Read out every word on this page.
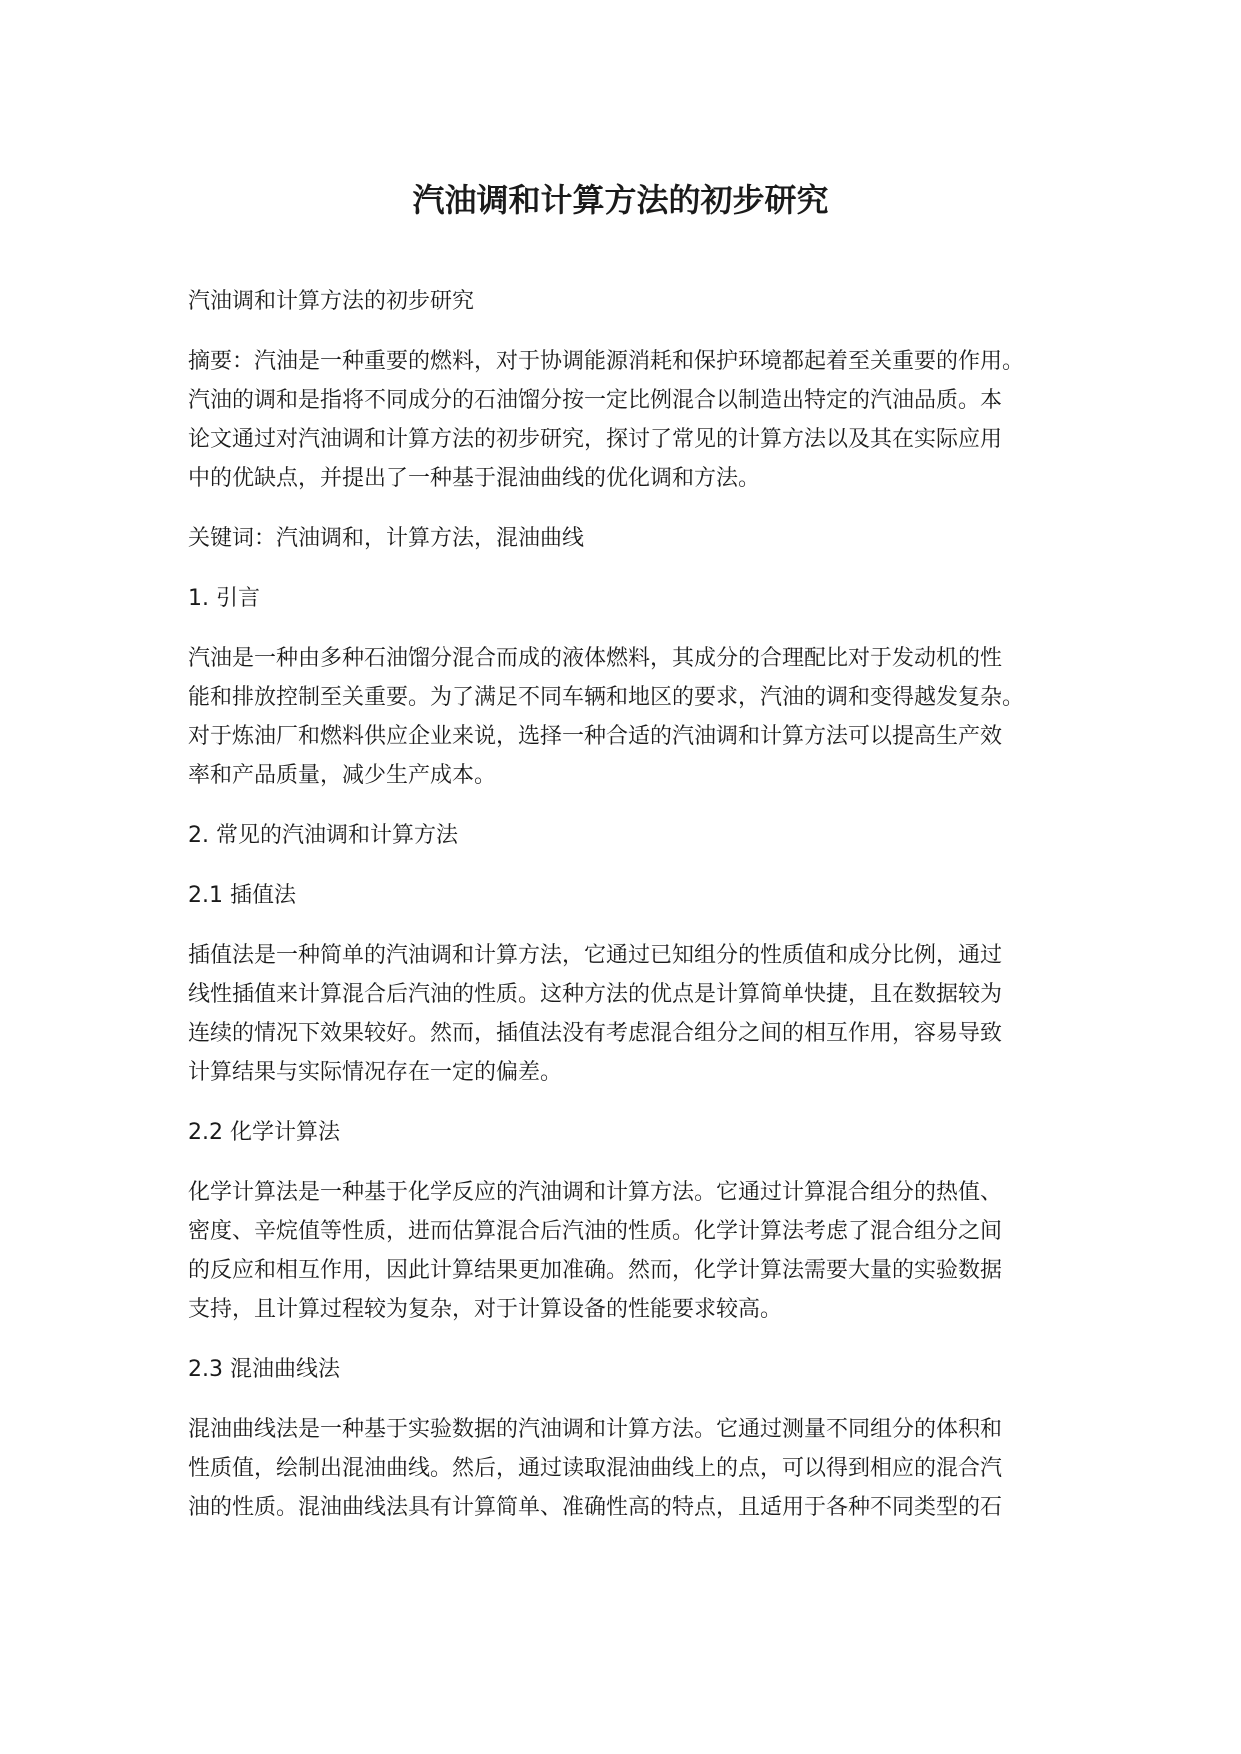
汽油调和计算方法的初步研究

汽油调和计算方法的初步研究

摘要：汽油是一种重要的燃料，对于协调能源消耗和保护环境都起着至关重要的作用。
汽油的调和是指将不同成分的石油馏分按一定比例混合以制造出特定的汽油品质。本
论文通过对汽油调和计算方法的初步研究，探讨了常见的计算方法以及其在实际应用
中的优缺点，并提出了一种基于混油曲线的优化调和方法。

关键词：汽油调和，计算方法，混油曲线

1. 引言

汽油是一种由多种石油馏分混合而成的液体燃料，其成分的合理配比对于发动机的性
能和排放控制至关重要。为了满足不同车辆和地区的要求，汽油的调和变得越发复杂。
对于炼油厂和燃料供应企业来说，选择一种合适的汽油调和计算方法可以提高生产效
率和产品质量，减少生产成本。

2. 常见的汽油调和计算方法

2.1 插值法

插值法是一种简单的汽油调和计算方法，它通过已知组分的性质值和成分比例，通过
线性插值来计算混合后汽油的性质。这种方法的优点是计算简单快捷，且在数据较为
连续的情况下效果较好。然而，插值法没有考虑混合组分之间的相互作用，容易导致
计算结果与实际情况存在一定的偏差。

2.2 化学计算法

化学计算法是一种基于化学反应的汽油调和计算方法。它通过计算混合组分的热值、
密度、辛烷值等性质，进而估算混合后汽油的性质。化学计算法考虑了混合组分之间
的反应和相互作用，因此计算结果更加准确。然而，化学计算法需要大量的实验数据
支持，且计算过程较为复杂，对于计算设备的性能要求较高。

2.3 混油曲线法

混油曲线法是一种基于实验数据的汽油调和计算方法。它通过测量不同组分的体积和
性质值，绘制出混油曲线。然后，通过读取混油曲线上的点，可以得到相应的混合汽
油的性质。混油曲线法具有计算简单、准确性高的特点，且适用于各种不同类型的石
